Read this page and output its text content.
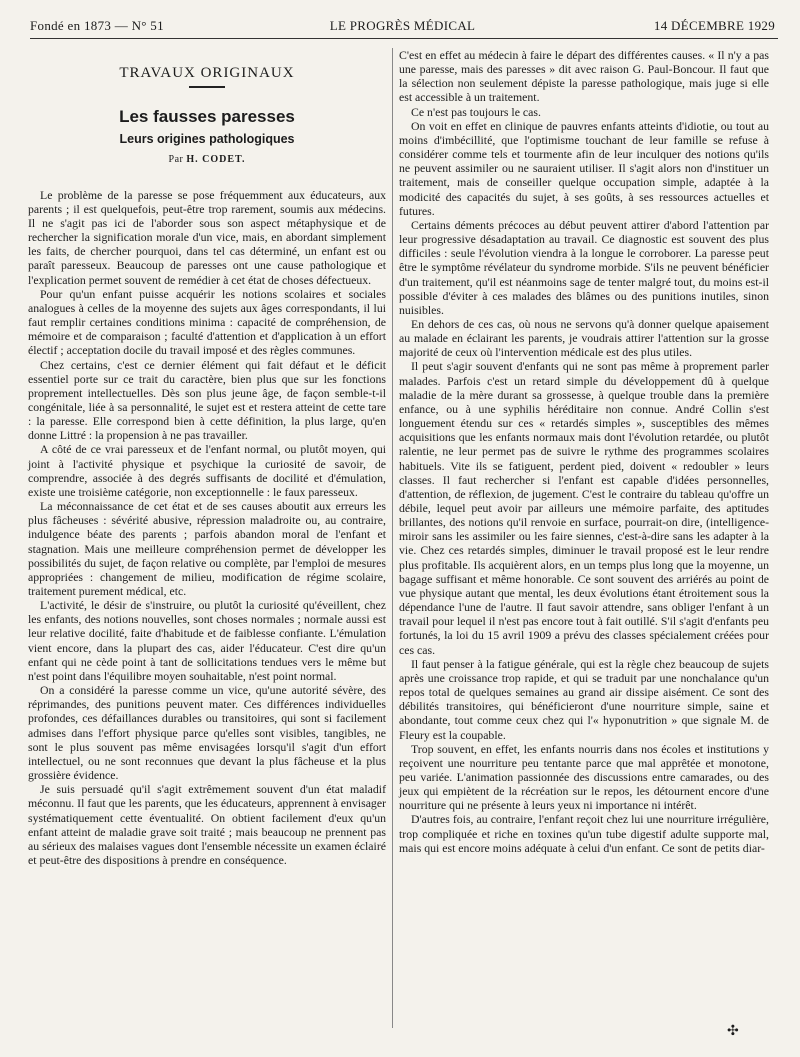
Fondé en 1873 — N° 51	LE PROGRÈS MÉDICAL	14 DÉCEMBRE 1929
TRAVAUX ORIGINAUX
Les fausses paresses
Leurs origines pathologiques
Par H. CODET.

Le problème de la paresse se pose fréquemment aux éducateurs, aux parents ; il est quelquefois, peut-être trop rarement, soumis aux médecins. Il ne s'agit pas ici de l'aborder sous son aspect métaphysique et de rechercher la signification morale d'un vice, mais, en abordant simplement les faits, de chercher pourquoi, dans tel cas déterminé, un enfant est ou paraît paresseux. Beaucoup de paresses ont une cause pathologique et l'explication permet souvent de remédier à cet état de choses défectueux.

Pour qu'un enfant puisse acquérir les notions scolaires et sociales analogues à celles de la moyenne des sujets aux âges correspondants, il lui faut remplir certaines conditions minima : capacité de compréhension, de mémoire et de comparaison ; faculté d'attention et d'application à un effort électif ; acceptation docile du travail imposé et des règles communes.

Chez certains, c'est ce dernier élément qui fait défaut et le déficit essentiel porte sur ce trait du caractère, bien plus que sur les fonctions proprement intellectuelles. Dès son plus jeune âge, de façon semble-t-il congénitale, liée à sa personnalité, le sujet est et restera atteint de cette tare : la paresse. Elle correspond bien à cette définition, la plus large, qu'en donne Littré : la propension à ne pas travailler.

A côté de ce vrai paresseux et de l'enfant normal, ou plutôt moyen, qui joint à l'activité physique et psychique la curiosité de savoir, de comprendre, associée à des degrés suffisants de docilité et d'émulation, existe une troisième catégorie, non exceptionnelle : le faux paresseux.

La méconnaissance de cet état et de ses causes aboutit aux erreurs les plus fâcheuses : sévérité abusive, répression maladroite ou, au contraire, indulgence béate des parents ; parfois abandon moral de l'enfant et stagnation. Mais une meilleure compréhension permet de développer les possibilités du sujet, de façon relative ou complète, par l'emploi de mesures appropriées : changement de milieu, modification de régime scolaire, traitement purement médical, etc.

L'activité, le désir de s'instruire, ou plutôt la curiosité qu'éveillent, chez les enfants, des notions nouvelles, sont choses normales ; normale aussi est leur relative docilité, faite d'habitude et de faiblesse confiante. L'émulation vient encore, dans la plupart des cas, aider l'éducateur. C'est dire qu'un enfant qui ne cède point à tant de sollicitations tendues vers le même but n'est point dans l'équilibre moyen souhaitable, n'est point normal.

On a considéré la paresse comme un vice, qu'une autorité sévère, des réprimandes, des punitions peuvent mater. Ces différences individuelles profondes, ces défaillances durables ou transitoires, qui sont si facilement admises dans l'effort physique parce qu'elles sont visibles, tangibles, ne sont le plus souvent pas même envisagées lorsqu'il s'agit d'un effort intellectuel, ou ne sont reconnues que devant la plus fâcheuse et la plus grossière évidence.

Je suis persuadé qu'il s'agit extrêmement souvent d'un état maladif méconnu. Il faut que les parents, que les éducateurs, apprennent à envisager systématiquement cette éventualité. On obtient facilement d'eux qu'un enfant atteint de maladie grave soit traité ; mais beaucoup ne prennent pas au sérieux des malaises vagues dont l'ensemble nécessite un examen éclairé et peut-être des dispositions à prendre en conséquence.

C'est en effet au médecin à faire le départ des différentes causes. « Il n'y a pas une paresse, mais des paresses » dit avec raison G. Paul-Boncour. Il faut que la sélection non seulement dépiste la paresse pathologique, mais juge si elle est accessible à un traitement.

Ce n'est pas toujours le cas.

On voit en effet en clinique de pauvres enfants atteints d'idiotie, ou tout au moins d'imbécillité, que l'optimisme touchant de leur famille se refuse à considérer comme tels et tourmente afin de leur inculquer des notions qu'ils ne peuvent assimiler ou ne sauraient utiliser. Il s'agit alors non d'instituer un traitement, mais de conseiller quelque occupation simple, adaptée à la modicité des capacités du sujet, à ses goûts, à ses ressources actuelles et futures.

Certains déments précoces au début peuvent attirer d'abord l'attention par leur progressive désadaptation au travail. Ce diagnostic est souvent des plus difficiles : seule l'évolution viendra à la longue le corroborer. La paresse peut être le symptôme révélateur du syndrome morbide. S'ils ne peuvent bénéficier d'un traitement, qu'il est néanmoins sage de tenter malgré tout, du moins est-il possible d'éviter à ces malades des blâmes ou des punitions inutiles, sinon nuisibles.

En dehors de ces cas, où nous ne servons qu'à donner quelque apaisement au malade en éclairant les parents, je voudrais attirer l'attention sur la grosse majorité de ceux où l'intervention médicale est des plus utiles.

Il peut s'agir souvent d'enfants qui ne sont pas même à proprement parler malades. Parfois c'est un retard simple du développement dû à quelque maladie de la mère durant sa grossesse, à quelque trouble dans la première enfance, ou à une syphilis héréditaire non connue. André Collin s'est longuement étendu sur ces « retardés simples », susceptibles des mêmes acquisitions que les enfants normaux mais dont l'évolution retardée, ou plutôt ralentie, ne leur permet pas de suivre le rythme des programmes scolaires habituels. Vite ils se fatiguent, perdent pied, doivent « redoubler » leurs classes. Il faut rechercher si l'enfant est capable d'idées personnelles, d'attention, de réflexion, de jugement. C'est le contraire du tableau qu'offre un débile, lequel peut avoir par ailleurs une mémoire parfaite, des aptitudes brillantes, des notions qu'il renvoie en surface, pourrait-on dire, (intelligence-miroir sans les assimiler ou les faire siennes, c'est-à-dire sans les adapter à la vie. Chez ces retardés simples, diminuer le travail proposé est le leur rendre plus profitable. Ils acquièrent alors, en un temps plus long que la moyenne, un bagage suffisant et même honorable. Ce sont souvent des arriérés au point de vue physique autant que mental, les deux évolutions étant étroitement sous la dépendance l'une de l'autre. Il faut savoir attendre, sans obliger l'enfant à un travail pour lequel il n'est pas encore tout à fait outillé. S'il s'agit d'enfants peu fortunés, la loi du 15 avril 1909 a prévu des classes spécialement créées pour ces cas.

Il faut penser à la fatigue générale, qui est la règle chez beaucoup de sujets après une croissance trop rapide, et qui se traduit par une nonchalance qu'un repos total de quelques semaines au grand air dissipe aisément. Ce sont des débilités transitoires, qui bénéficieront d'une nourriture simple, saine et abondante, tout comme ceux chez qui l'« hyponutrition » que signale M. de Fleury est la coupable.

Trop souvent, en effet, les enfants nourris dans nos écoles et institutions y reçoivent une nourriture peu tentante parce que mal apprêtée et monotone, peu variée. L'animation passionnée des discussions entre camarades, ou des jeux qui empiètent de la récréation sur le repos, les détournent encore d'une nourriture qui ne présente à leurs yeux ni importance ni intérêt.

D'autres fois, au contraire, l'enfant reçoit chez lui une nourriture irrégulière, trop compliquée et riche en toxines qu'un tube digestif adulte supporte mal, mais qui est encore moins adéquate à celui d'un enfant. Ce sont de petits diar-

✣
